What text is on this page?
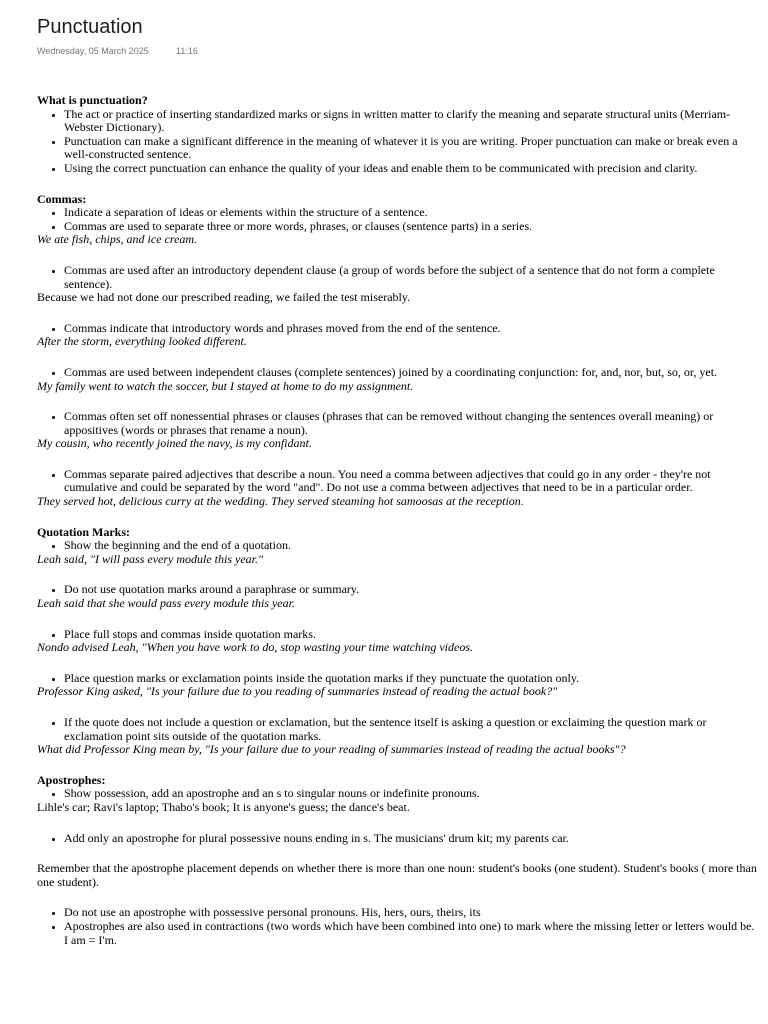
Punctuation
Wednesday, 05 March 2025	11:16

What is punctuation?

• The act or practice of inserting standardized marks or signs in written matter to clarify the meaning and separate structural units (Merriam-Webster Dictionary).
• Punctuation can make a significant difference in the meaning of whatever it is you are writing. Proper punctuation can make or break even a well-constructed sentence.
• Using the correct punctuation can enhance the quality of your ideas and enable them to be communicated with precision and clarity.

Commas:

• Indicate a separation of ideas or elements within the structure of a sentence.
• Commas are used to separate three or more words, phrases, or clauses (sentence parts) in a series.

We ate fish, chips, and ice cream.

• Commas are used after an introductory dependent clause (a group of words before the subject of a sentence that do not form a complete sentence).

Because we had not done our prescribed reading, we failed the test miserably.

• Commas indicate that introductory words and phrases moved from the end of the sentence.

After the storm, everything looked different.

• Commas are used between independent clauses (complete sentences) joined by a coordinating conjunction: for, and, nor, but, so, or, yet.

My family went to watch the soccer, but I stayed at home to do my assignment.

• Commas often set off nonessential phrases or clauses (phrases that can be removed without changing the sentences overall meaning) or appositives (words or phrases that rename a noun).

My cousin, who recently joined the navy, is my confidant.

• Commas separate paired adjectives that describe a noun. You need a comma between adjectives that could go in any order - they're not cumulative and could be separated by the word "and". Do not use a comma between adjectives that need to be in a particular order.

They served hot, delicious curry at the wedding. They served steaming hot samoosas at the reception.

Quotation Marks:

• Show the beginning and the end of a quotation.

Leah said, "I will pass every module this year."

• Do not use quotation marks around a paraphrase or summary.

Leah said that she would pass every module this year.

• Place full stops and commas inside quotation marks.

Nondo advised Leah, "When you have work to do, stop wasting your time watching videos.

• Place question marks or exclamation points inside the quotation marks if they punctuate the quotation only.

Professor King asked, "Is your failure due to you reading of summaries instead of reading the actual book?"

• If the quote does not include a question or exclamation, but the sentence itself is asking a question or exclaiming the question mark or exclamation point sits outside of the quotation marks.

What did Professor King mean by, "Is your failure due to your reading of summaries instead of reading the actual books"?

Apostrophes:

• Show possession, add an apostrophe and an s to singular nouns or indefinite pronouns.

Lihle's car; Ravi's laptop; Thabo's book; It is anyone's guess; the dance's beat.

• Add only an apostrophe for plural possessive nouns ending in s. The musicians' drum kit; my parents car.

Remember that the apostrophe placement depends on whether there is more than one noun: student's books (one student). Student's books ( more than one student).

• Do not use an apostrophe with possessive personal pronouns. His, hers, ours, theirs, its
• Apostrophes are also used in contractions (two words which have been combined into one) to mark where the missing letter or letters would be. I am = I'm.
